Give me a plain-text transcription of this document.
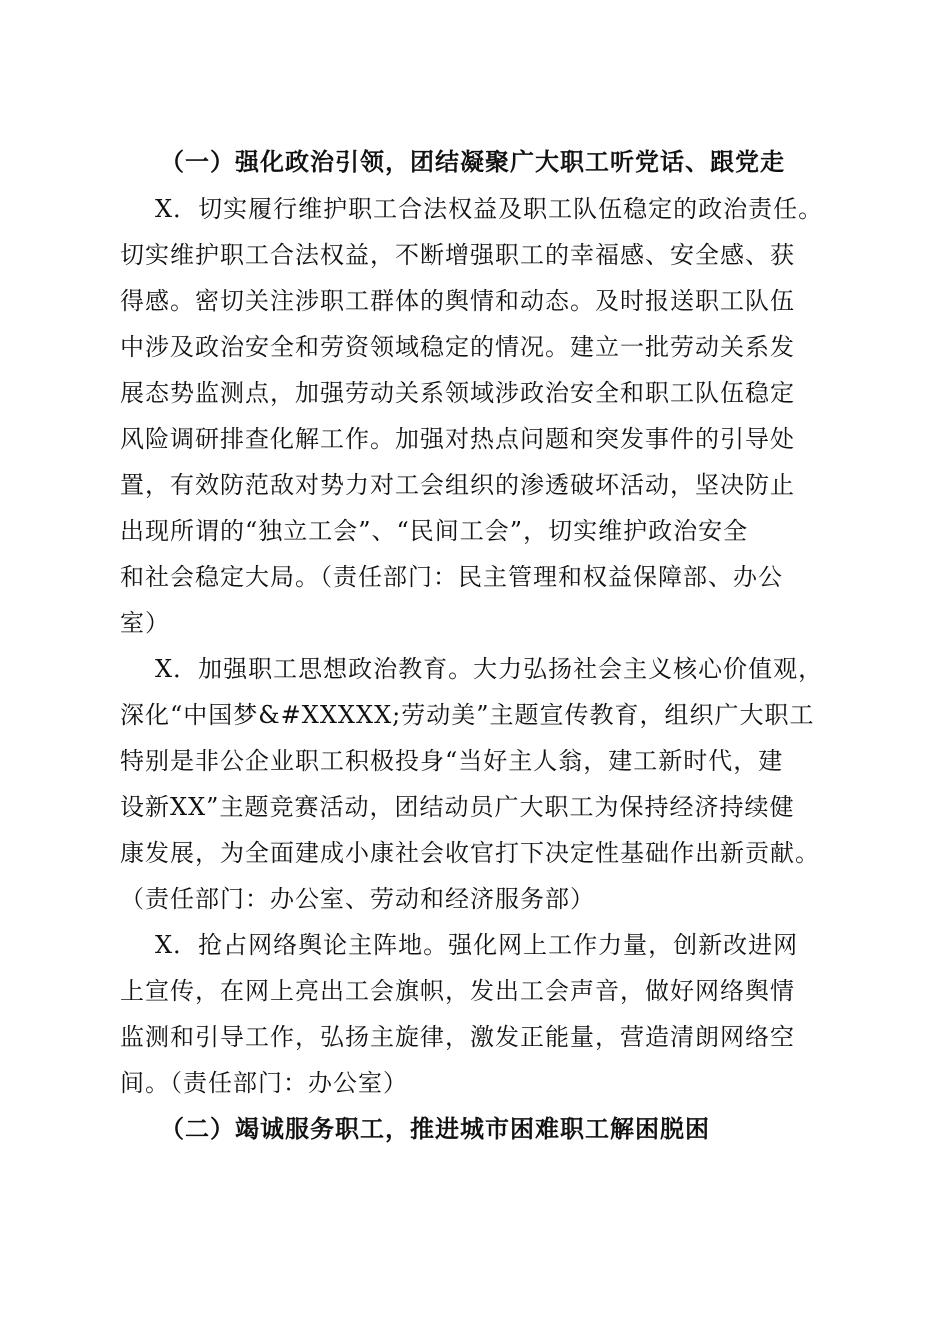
（一）强化政治引领，团结凝聚广大职工听党话、跟党走
X．切实履行维护职工合法权益及职工队伍稳定的政治责任。
切实维护职工合法权益，不断增强职工的幸福感、安全感、获
得感。密切关注涉职工群体的舆情和动态。及时报送职工队伍
中涉及政治安全和劳资领域稳定的情况。建立一批劳动关系发
展态势监测点，加强劳动关系领域涉政治安全和职工队伍稳定
风险调研排查化解工作。加强对热点问题和突发事件的引导处
置，有效防范敌对势力对工会组织的渗透破坏活动，坚决防止
出现所谓的“独立工会”、“民间工会”，切实维护政治安全
和社会稳定大局。（责任部门：民主管理和权益保障部、办公
室）
X．加强职工思想政治教育。大力弘扬社会主义核心价值观，
深化“中国梦&#XXXXX;劳动美”主题宣传教育，组织广大职工
特别是非公企业职工积极投身“当好主人翁，建工新时代，建
设新XX”主题竞赛活动，团结动员广大职工为保持经济持续健
康发展，为全面建成小康社会收官打下决定性基础作出新贡献。
（责任部门：办公室、劳动和经济服务部）
X．抢占网络舆论主阵地。强化网上工作力量，创新改进网
上宣传，在网上亮出工会旗帜，发出工会声音，做好网络舆情
监测和引导工作，弘扬主旋律，激发正能量，营造清朗网络空
间。（责任部门：办公室）
（二）竭诚服务职工，推进城市困难职工解困脱困
